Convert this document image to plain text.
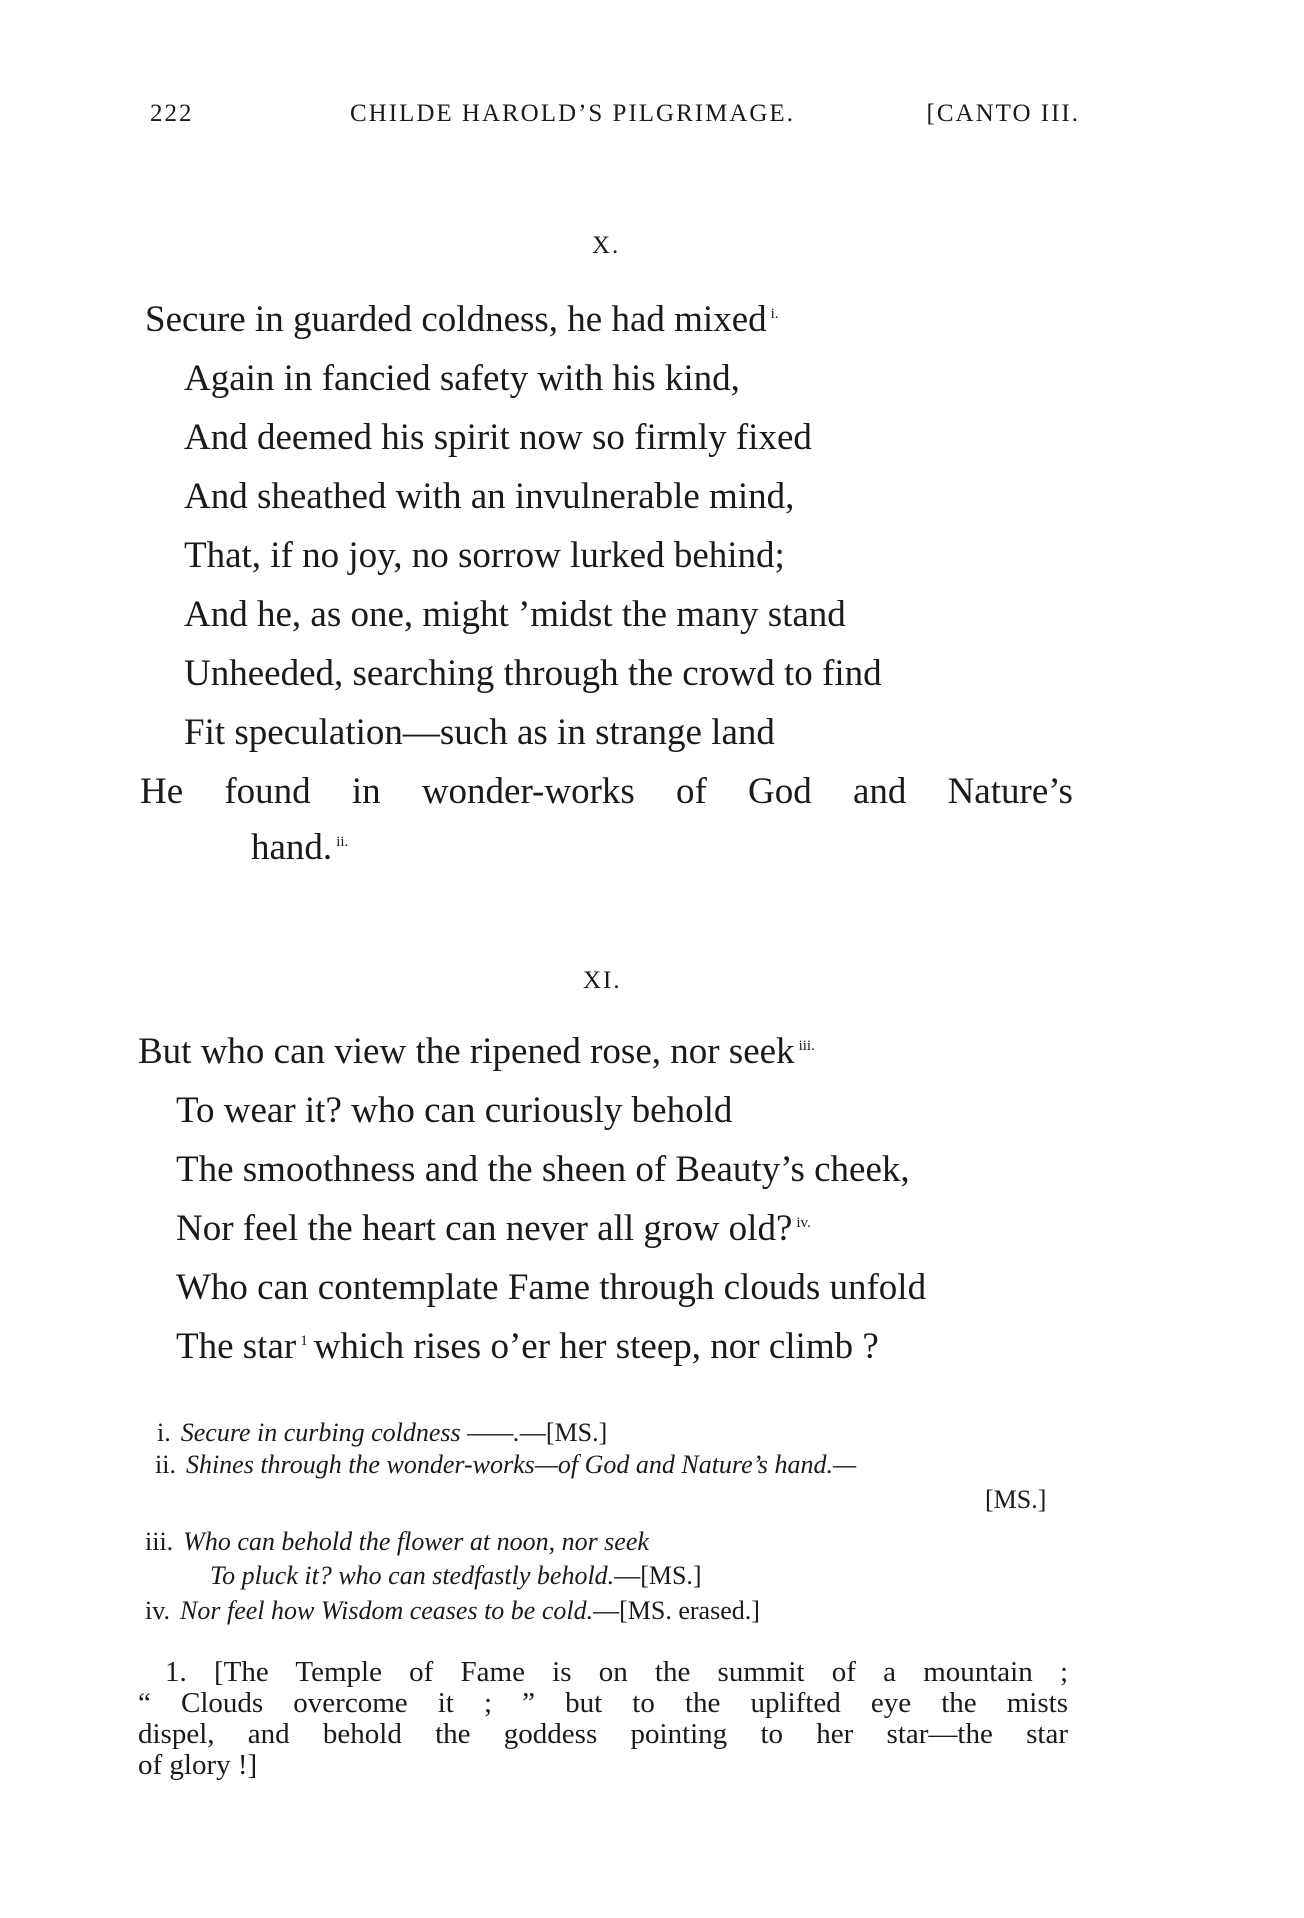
222	CHILDE HAROLD’S PILGRIMAGE.	[CANTO III.
X.
Secure in guarded coldness, he had mixed $^{i.}$
Again in fancied safety with his kind,
And deemed his spirit now so firmly fixed
And sheathed with an invulnerable mind,
That, if no joy, no sorrow lurked behind;
And he, as one, might ’midst the many stand
Unheeded, searching through the crowd to find
Fit speculation—such as in strange land
He found in wonder-works of God and Nature’s
hand. $^{ii.}$
XI.
But who can view the ripened rose, nor seek $^{iii.}$
To wear it? who can curiously behold
The smoothness and the sheen of Beauty’s cheek,
Nor feel the heart can never all grow old? $^{iv.}$
Who can contemplate Fame through clouds unfold
The star $^1$ which rises o’er her steep, nor climb ?
i. Secure in curbing coldness ——.—[MS.]
ii. Shines through the wonder-works—of God and Nature’s hand.—
[MS.]
iii. Who can behold the flower at noon, nor seek
To pluck it? who can stedfastly behold.—[MS.]
iv. Nor feel how Wisdom ceases to be cold.—[MS. erased.]
1. [The Temple of Fame is on the summit of a mountain ;
“ Clouds overcome it ; ” but to the uplifted eye the mists
dispel, and behold the goddess pointing to her star—the star
of glory !]
